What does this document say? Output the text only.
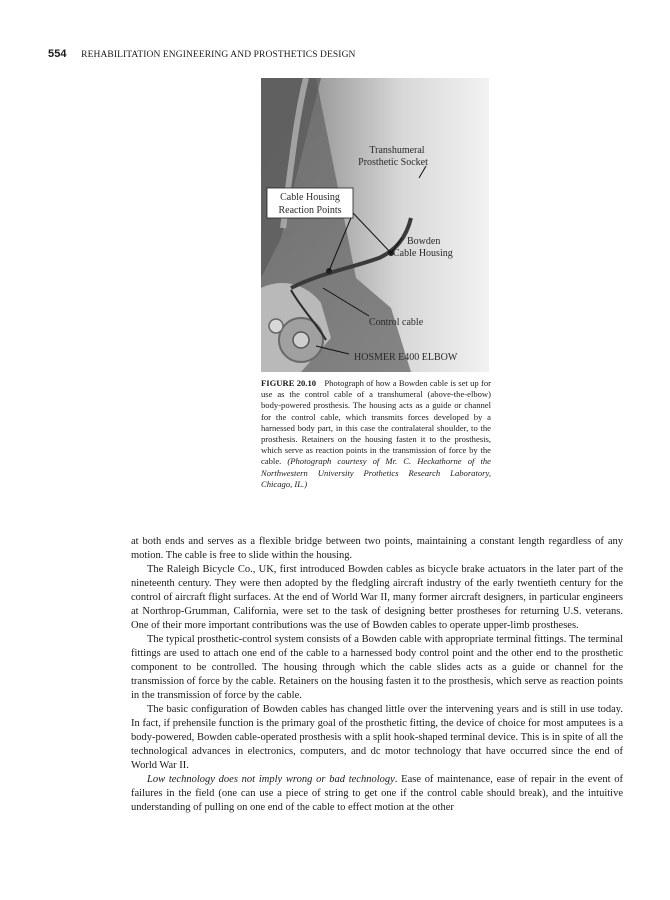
554 REHABILITATION ENGINEERING AND PROSTHETICS DESIGN
Transhumeral
Prosthetic Socket
Cable Housing
Reaction Points
Bowden
Cable Housing
Control cable
HOSMER E400 ELBOW
FIGURE 20.10 Photograph of how a Bowden cable is set up for use as the control cable of a transhumeral (above-the-elbow) body-powered prosthesis. The housing acts as a guide or channel for the control cable, which transmits forces developed by a harnessed body part, in this case the contralateral shoulder, to the prosthesis. Retainers on the housing fasten it to the prosthesis, which serve as reaction points in the transmission of force by the cable. (Photograph courtesy of Mr. C. Heckathorne of the Northwestern University Prothetics Research Laboratory, Chicago, IL.)

at both ends and serves as a flexible bridge between two points, maintaining a constant length regardless of any motion. The cable is free to slide within the housing.

The Raleigh Bicycle Co., UK, first introduced Bowden cables as bicycle brake actuators in the later part of the nineteenth century. They were then adopted by the fledgling aircraft industry of the early twentieth century for the control of aircraft flight surfaces. At the end of World War II, many former aircraft designers, in particular engineers at Northrop-Grumman, California, were set to the task of designing better prostheses for returning U.S. veterans. One of their more important contributions was the use of Bowden cables to operate upper-limb prostheses.

The typical prosthetic-control system consists of a Bowden cable with appropriate terminal fittings. The terminal fittings are used to attach one end of the cable to a harnessed body control point and the other end to the prosthetic component to be controlled. The housing through which the cable slides acts as a guide or channel for the transmission of force by the cable. Retainers on the housing fasten it to the prosthesis, which serve as reaction points in the transmission of force by the cable.

The basic configuration of Bowden cables has changed little over the intervening years and is still in use today. In fact, if prehensile function is the primary goal of the prosthetic fitting, the device of choice for most amputees is a body-powered, Bowden cable-operated prosthesis with a split hook-shaped terminal device. This is in spite of all the technological advances in electronics, computers, and dc motor technology that have occurred since the end of World War II.

Low technology does not imply wrong or bad technology. Ease of maintenance, ease of repair in the event of failures in the field (one can use a piece of string to get one if the control cable should break), and the intuitive understanding of pulling on one end of the cable to effect motion at the other
